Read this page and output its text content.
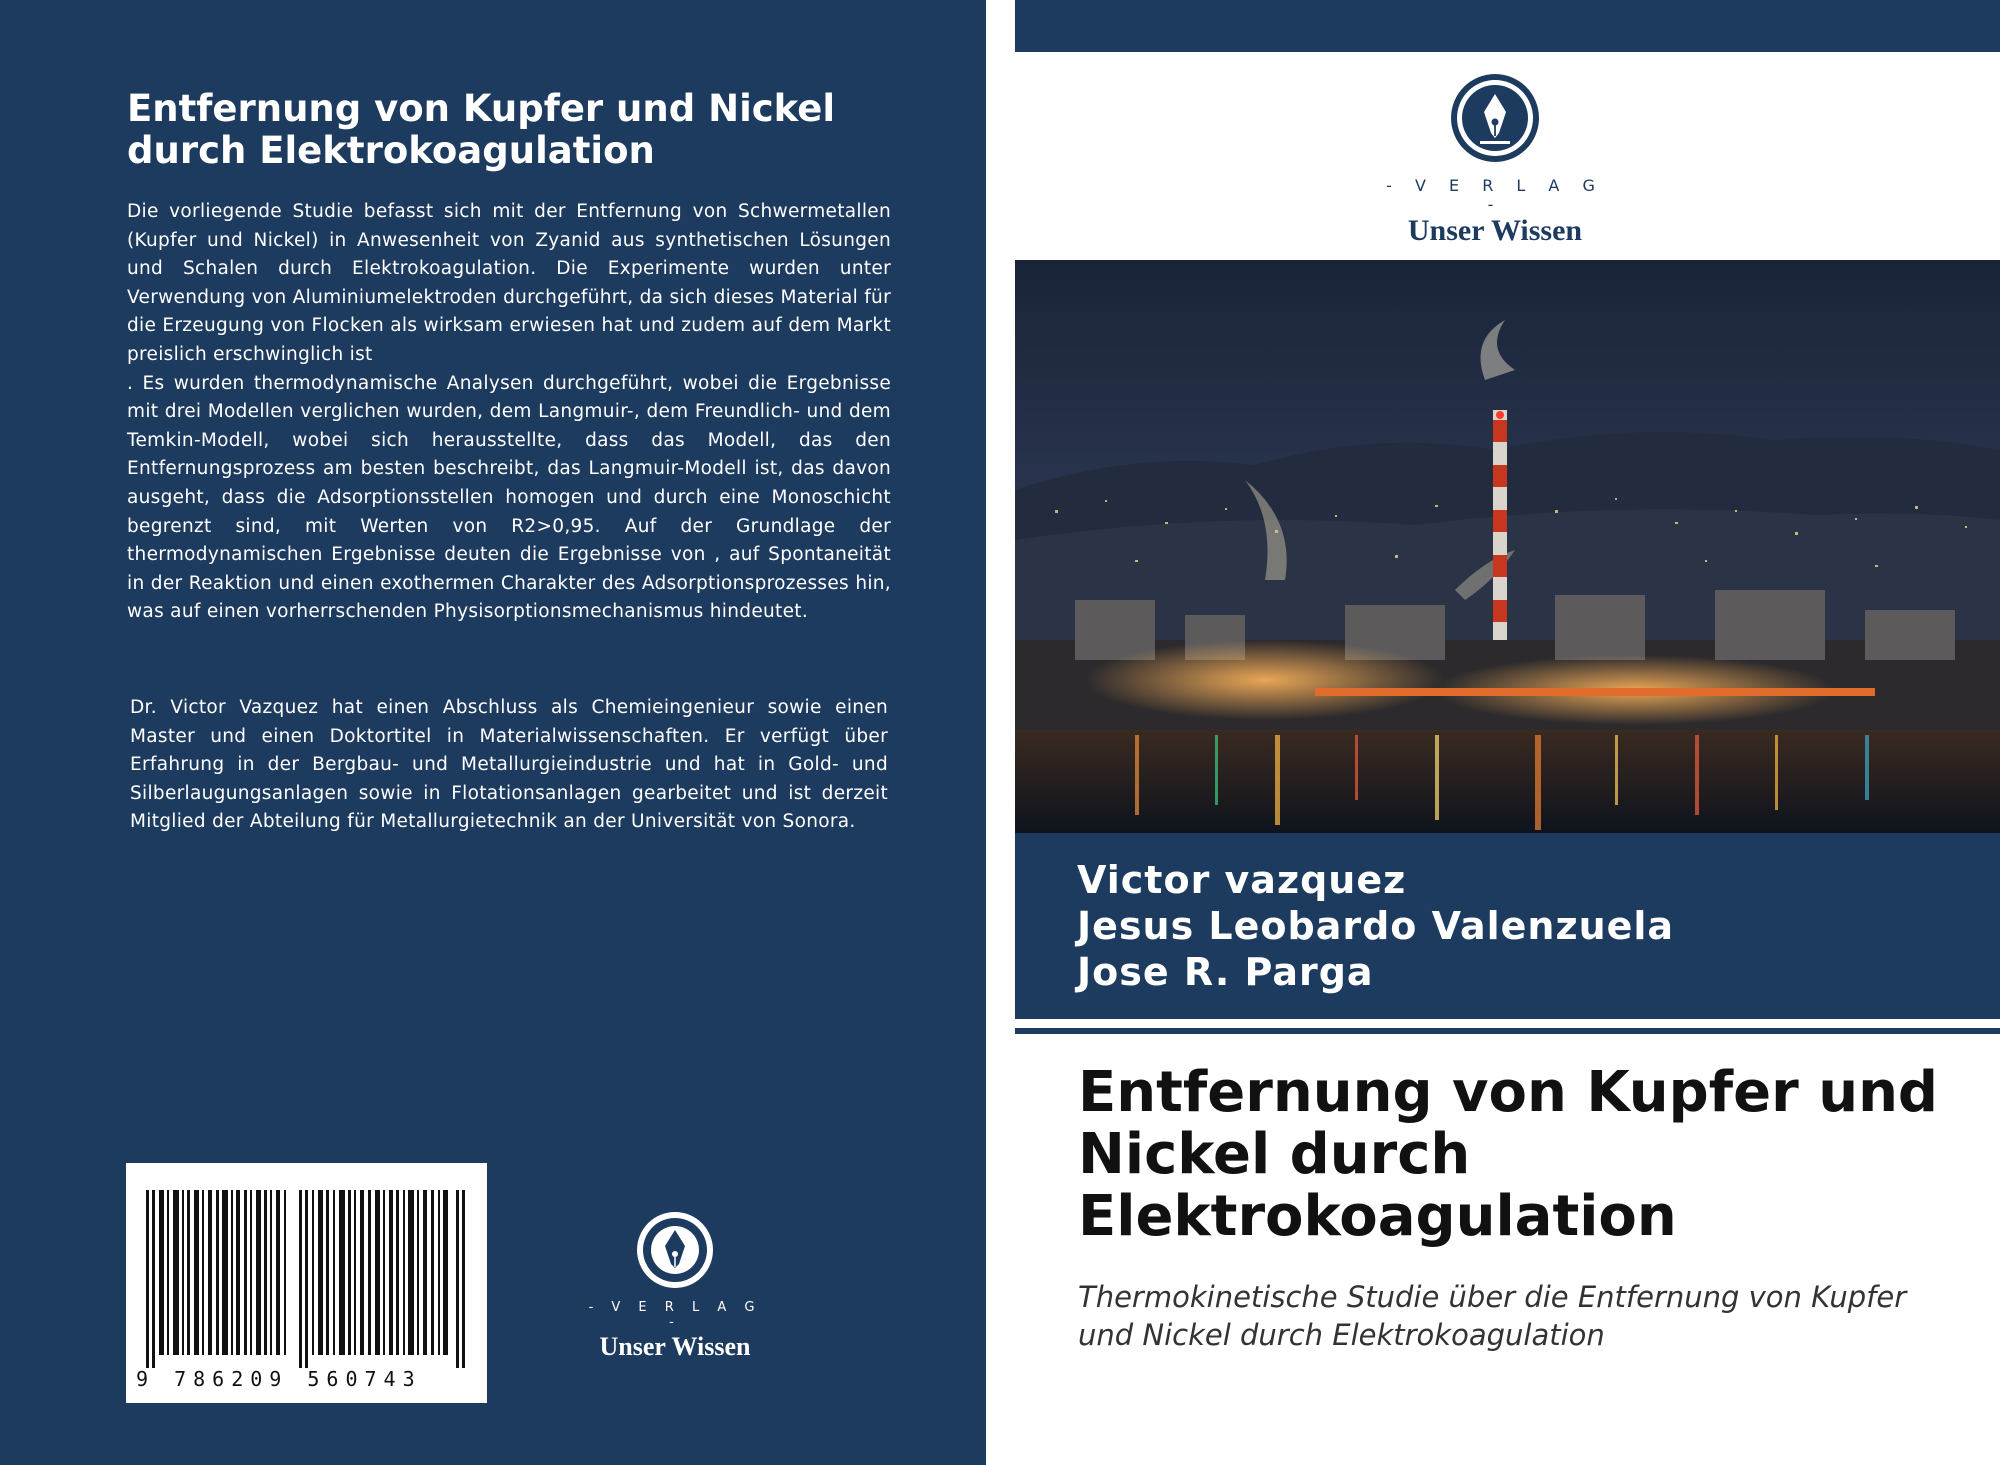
Entfernung von Kupfer und Nickel durch Elektrokoagulation

Die vorliegende Studie befasst sich mit der Entfernung von Schwermetallen (Kupfer und Nickel) in Anwesenheit von Zyanid aus synthetischen Lösungen und Schalen durch Elektrokoagulation. Die Experimente wurden unter Verwendung von Aluminiumelektroden durchgeführt, da sich dieses Material für die Erzeugung von Flocken als wirksam erwiesen hat und zudem auf dem Markt preislich erschwinglich ist

. Es wurden thermodynamische Analysen durchgeführt, wobei die Ergebnisse mit drei Modellen verglichen wurden, dem Langmuir-, dem Freundlich- und dem Temkin-Modell, wobei sich herausstellte, dass das Modell, das den Entfernungsprozess am besten beschreibt, das Langmuir-Modell ist, das davon ausgeht, dass die Adsorptionsstellen homogen und durch eine Monoschicht begrenzt sind, mit Werten von R2>0,95. Auf der Grundlage der thermodynamischen Ergebnisse deuten die Ergebnisse von , auf Spontaneität in der Reaktion und einen exothermen Charakter des Adsorptionsprozesses hin, was auf einen vorherrschenden Physisorptionsmechanismus hindeutet.

Dr. Victor Vazquez hat einen Abschluss als Chemieingenieur sowie einen Master und einen Doktortitel in Materialwissenschaften. Er verfügt über Erfahrung in der Bergbau- und Metallurgieindustrie und hat in Gold- und Silberlaugungsanlagen sowie in Flotationsanlagen gearbeitet und ist derzeit Mitglied der Abteilung für Metallurgietechnik an der Universität von Sonora.

9 786209 560743
- V E R L A G -
Unser Wissen
- V E R L A G -
Unser Wissen
Victor vazquez
Jesus Leobardo Valenzuela
Jose R. Parga
Entfernung von Kupfer und Nickel durch Elektrokoagulation

Thermokinetische Studie über die Entfernung von Kupfer und Nickel durch Elektrokoagulation
